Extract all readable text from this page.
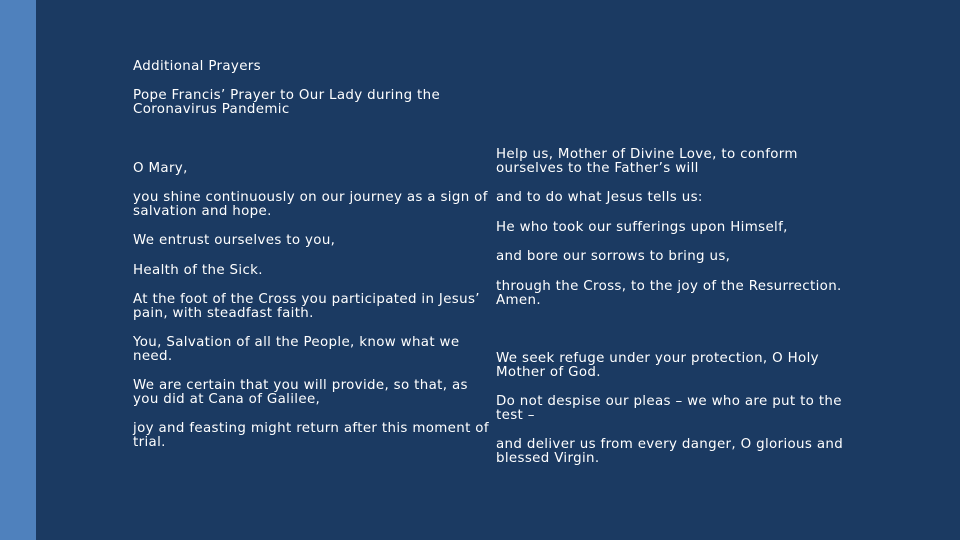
Additional Prayers

Pope Francis’ Prayer to Our Lady during the Coronavirus Pandemic

O Mary,

you shine continuously on our journey as a sign of salvation and hope.

We entrust ourselves to you,

Health of the Sick.

At the foot of the Cross you participated in Jesus’ pain, with steadfast faith.

You, Salvation of all the People, know what we need.

We are certain that you will provide, so that, as you did at Cana of Galilee,

joy and feasting might return after this moment of trial.

Help us, Mother of Divine Love, to conform ourselves to the Father’s will

and to do what Jesus tells us:

He who took our sufferings upon Himself,

and bore our sorrows to bring us,

through the Cross, to the joy of the Resurrection. Amen.

We seek refuge under your protection, O Holy Mother of God.

Do not despise our pleas – we who are put to the test –

and deliver us from every danger, O glorious and blessed Virgin.
